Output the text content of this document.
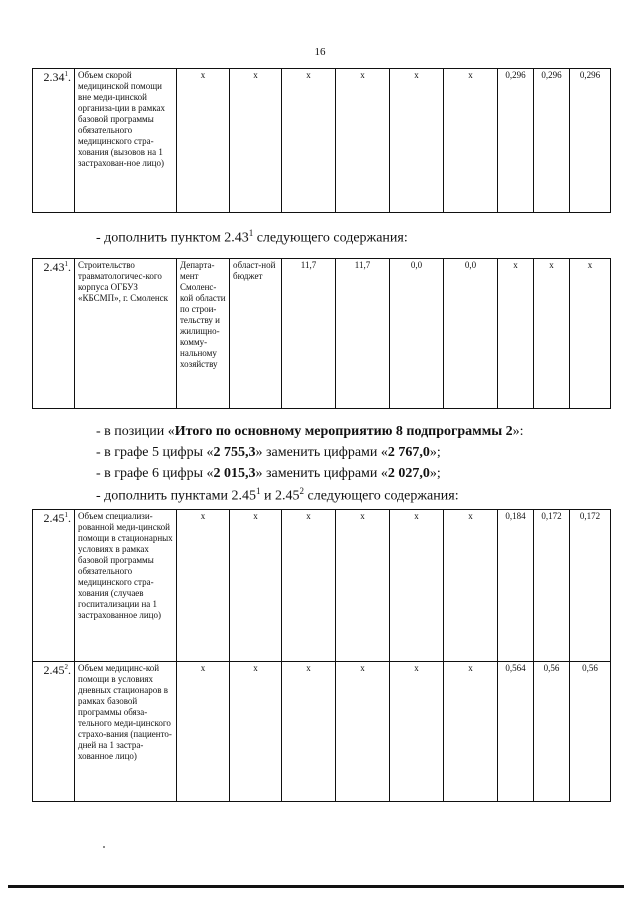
16
2.34$^1$.	Объем скорой медицинской помощи вне меди-цинской организа-ции в рамках базовой программы обязательного медицинского стра-хования (вызовов на 1 застрахован-ное лицо)	х	х	х	х	х	х	0,296	0,296	0,296
- дополнить пунктом 2.43$^1$ следующего содержания:
2.43$^1$.	Строительство травматологичес-кого корпуса ОГБУЗ «КБСМП», г. Смоленск	Департа-мент Смоленс-кой области по строи-тельству и жилищно-комму-нальному хозяйству	област-ной бюджет	11,7	11,7	0,0	0,0	х	х	х
- в позиции «Итого по основному мероприятию 8 подпрограммы 2»:
- в графе 5 цифры «2 755,3» заменить цифрами «2 767,0»;
- в графе 6 цифры «2 015,3» заменить цифрами «2 027,0»;
- дополнить пунктами 2.45$^1$ и 2.45$^2$ следующего содержания:
2.45$^1$.	Объем специализи-рованной меди-цинской помощи в стационарных условиях в рамках базовой программы обязательного медицинского стра-хования (случаев госпитализации на 1 застрахованное лицо)	х	х	х	х	х	х	0,184	0,172	0,172
2.45$^2$.	Объем медицинс-кой помощи в условиях дневных стационаров в рамках базовой программы обяза-тельного меди-цинского страхо-вания (пациенто-дней на 1 застра-хованное лицо)	х	х	х	х	х	х	0,564	0,56	0,56
